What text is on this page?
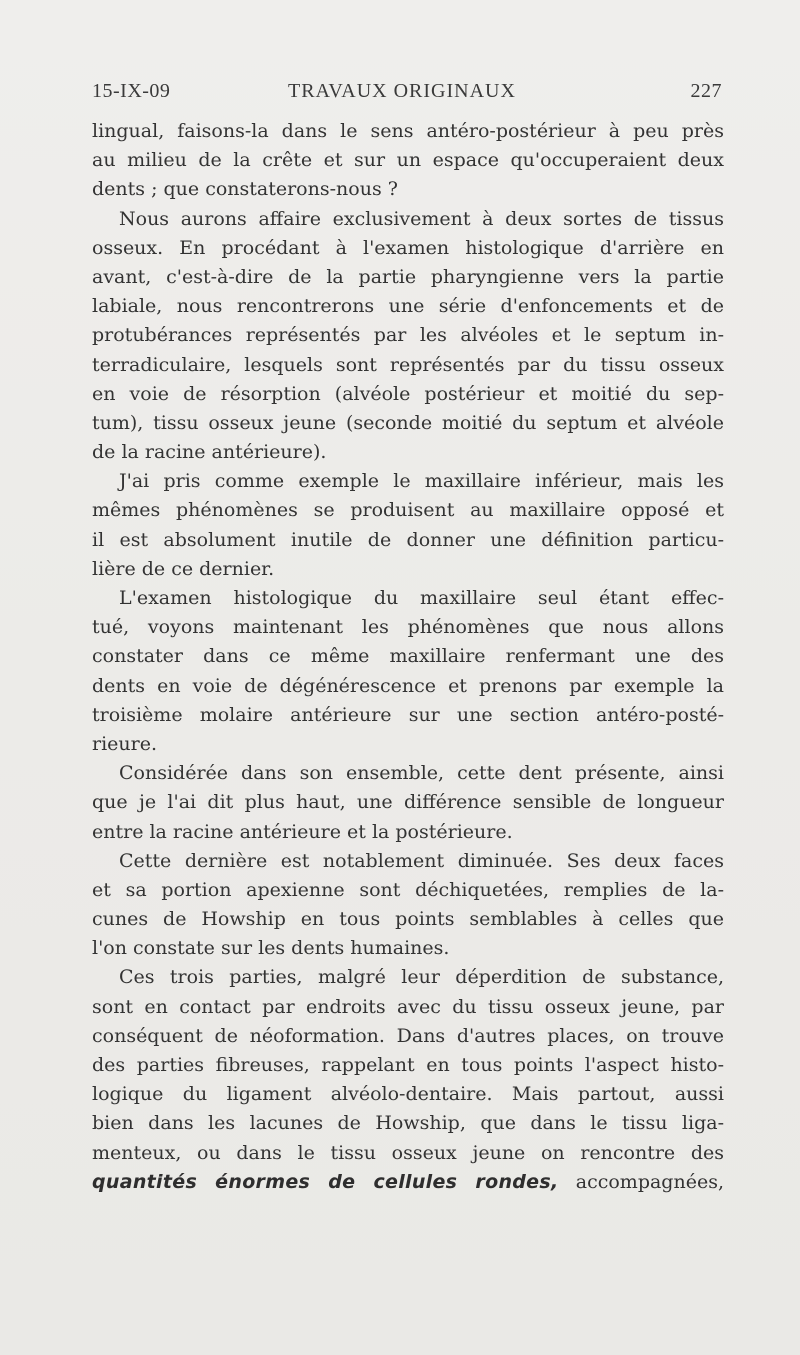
15-IX-09	TRAVAUX ORIGINAUX	227
lingual, faisons-la dans le sens antéro-postérieur à peu près
au milieu de la crête et sur un espace qu'occuperaient deux
dents ; que constaterons-nous ?
Nous aurons affaire exclusivement à deux sortes de tissus
osseux. En procédant à l'examen histologique d'arrière en
avant, c'est-à-dire de la partie pharyngienne vers la partie
labiale, nous rencontrerons une série d'enfoncements et de
protubérances représentés par les alvéoles et le septum in-
terradiculaire, lesquels sont représentés par du tissu osseux
en voie de résorption (alvéole postérieur et moitié du sep-
tum), tissu osseux jeune (seconde moitié du septum et alvéole
de la racine antérieure).
J'ai pris comme exemple le maxillaire inférieur, mais les
mêmes phénomènes se produisent au maxillaire opposé et
il est absolument inutile de donner une définition particu-
lière de ce dernier.
L'examen histologique du maxillaire seul étant effec-
tué, voyons maintenant les phénomènes que nous allons
constater dans ce même maxillaire renfermant une des
dents en voie de dégénérescence et prenons par exemple la
troisième molaire antérieure sur une section antéro-posté-
rieure.
Considérée dans son ensemble, cette dent présente, ainsi
que je l'ai dit plus haut, une différence sensible de longueur
entre la racine antérieure et la postérieure.
Cette dernière est notablement diminuée. Ses deux faces
et sa portion apexienne sont déchiquetées, remplies de la-
cunes de Howship en tous points semblables à celles que
l'on constate sur les dents humaines.
Ces trois parties, malgré leur déperdition de substance,
sont en contact par endroits avec du tissu osseux jeune, par
conséquent de néoformation. Dans d'autres places, on trouve
des parties fibreuses, rappelant en tous points l'aspect histo-
logique du ligament alvéolo-dentaire. Mais partout, aussi
bien dans les lacunes de Howship, que dans le tissu liga-
menteux, ou dans le tissu osseux jeune on rencontre des
quantités énormes de cellules rondes, accompagnées,
